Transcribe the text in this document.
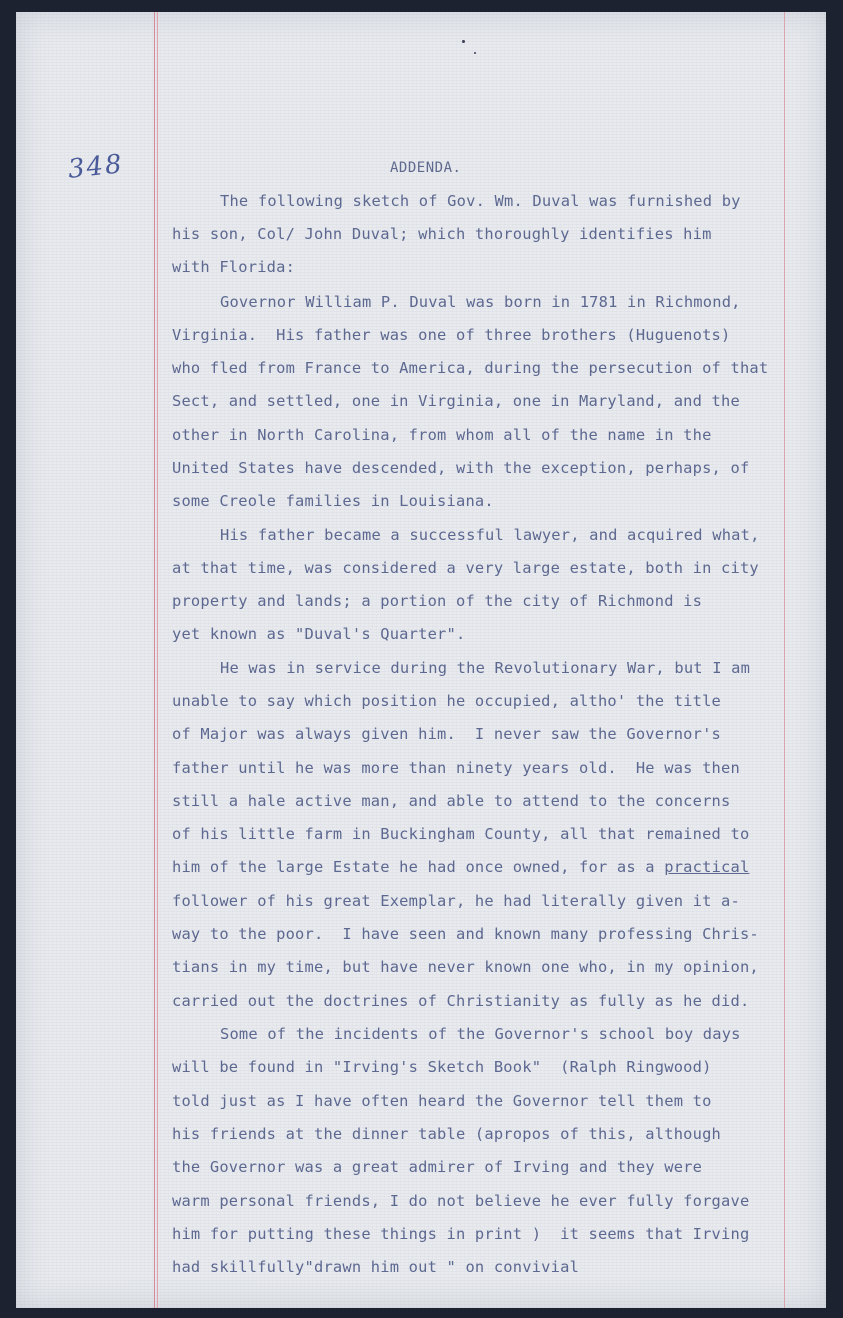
348	ADDENDA.
The following sketch of Gov. Wm. Duval was furnished by
his son, Col/ John Duval; which thoroughly identifies him
with Florida:
Governor William P. Duval was born in 1781 in Richmond,
Virginia.  His father was one of three brothers (Huguenots)
who fled from France to America, during the persecution of that
Sect, and settled, one in Virginia, one in Maryland, and the
other in North Carolina, from whom all of the name in the
United States have descended, with the exception, perhaps, of
some Creole families in Louisiana.
His father became a successful lawyer, and acquired what,
at that time, was considered a very large estate, both in city
property and lands; a portion of the city of Richmond is
yet known as "Duval's Quarter".
He was in service during the Revolutionary War, but I am
unable to say which position he occupied, altho' the title
of Major was always given him.  I never saw the Governor's
father until he was more than ninety years old.  He was then
still a hale active man, and able to attend to the concerns
of his little farm in Buckingham County, all that remained to
him of the large Estate he had once owned, for as a practical
follower of his great Exemplar, he had literally given it a-
way to the poor.  I have seen and known many professing Chris-
tians in my time, but have never known one who, in my opinion,
carried out the doctrines of Christianity as fully as he did.
Some of the incidents of the Governor's school boy days
will be found in "Irving's Sketch Book"  (Ralph Ringwood)
told just as I have often heard the Governor tell them to
his friends at the dinner table (apropos of this, although
the Governor was a great admirer of Irving and they were
warm personal friends, I do not believe he ever fully forgave
him for putting these things in print )  it seems that Irving
had skillfully"drawn him out " on convivial
